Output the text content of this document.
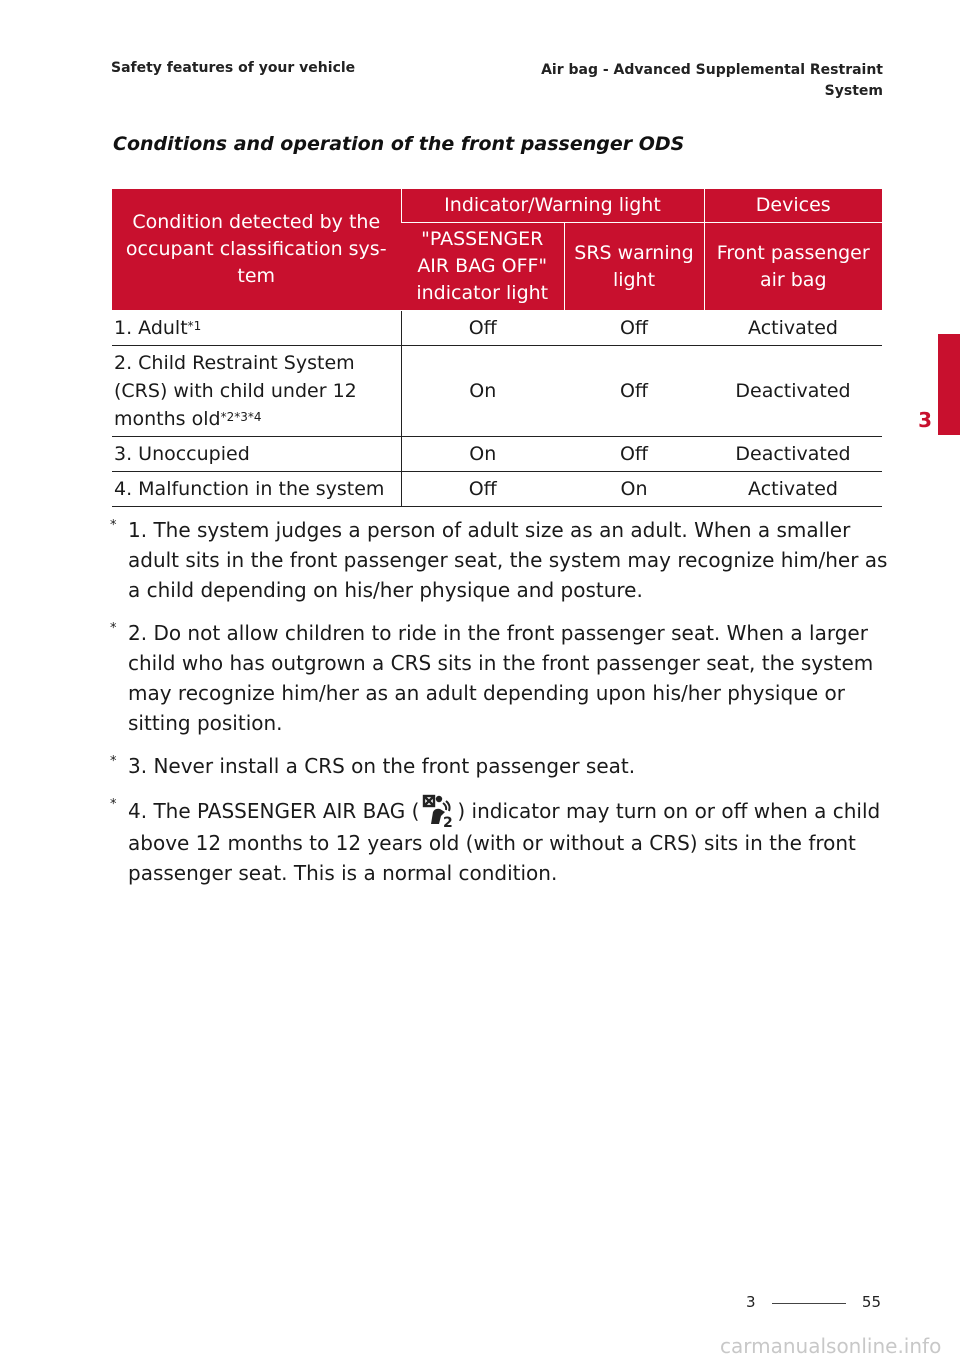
Safety features of your vehicle	Air bag - Advanced Supplemental Restraint
System
3
Conditions and operation of the front passenger ODS
Condition detected by the occupant classification sys- tem	Indicator/Warning light		Devices
	"PASSENGER AIR BAG OFF" indicator light	SRS warning light	Front passenger air bag
1. Adult$^{*1}$	Off	Off	Activated
2. Child Restraint System (CRS) with child under 12 months old$^{*2*3*4}$	On	Off	Deactivated
3. Unoccupied	On	Off	Deactivated
4. Malfunction in the system	Off	On	Activated
* 1. The system judges a person of adult size as an adult. When a smaller adult sits in the front passenger seat, the system may recognize him/her as a child depending on his/her physique and posture.
* 2. Do not allow children to ride in the front passenger seat. When a larger child who has outgrown a CRS sits in the front passenger seat, the system may recognize him/her as an adult depending upon his/her physique or sitting position.
* 3. Never install a CRS on the front passenger seat.
* 4. The PASSENGER AIR BAG ( 2 ) indicator may turn on or off when a child above 12 months to 12 years old (with or without a CRS) sits in the front passenger seat. This is a normal condition.
3	55
carmanualsonline.info
